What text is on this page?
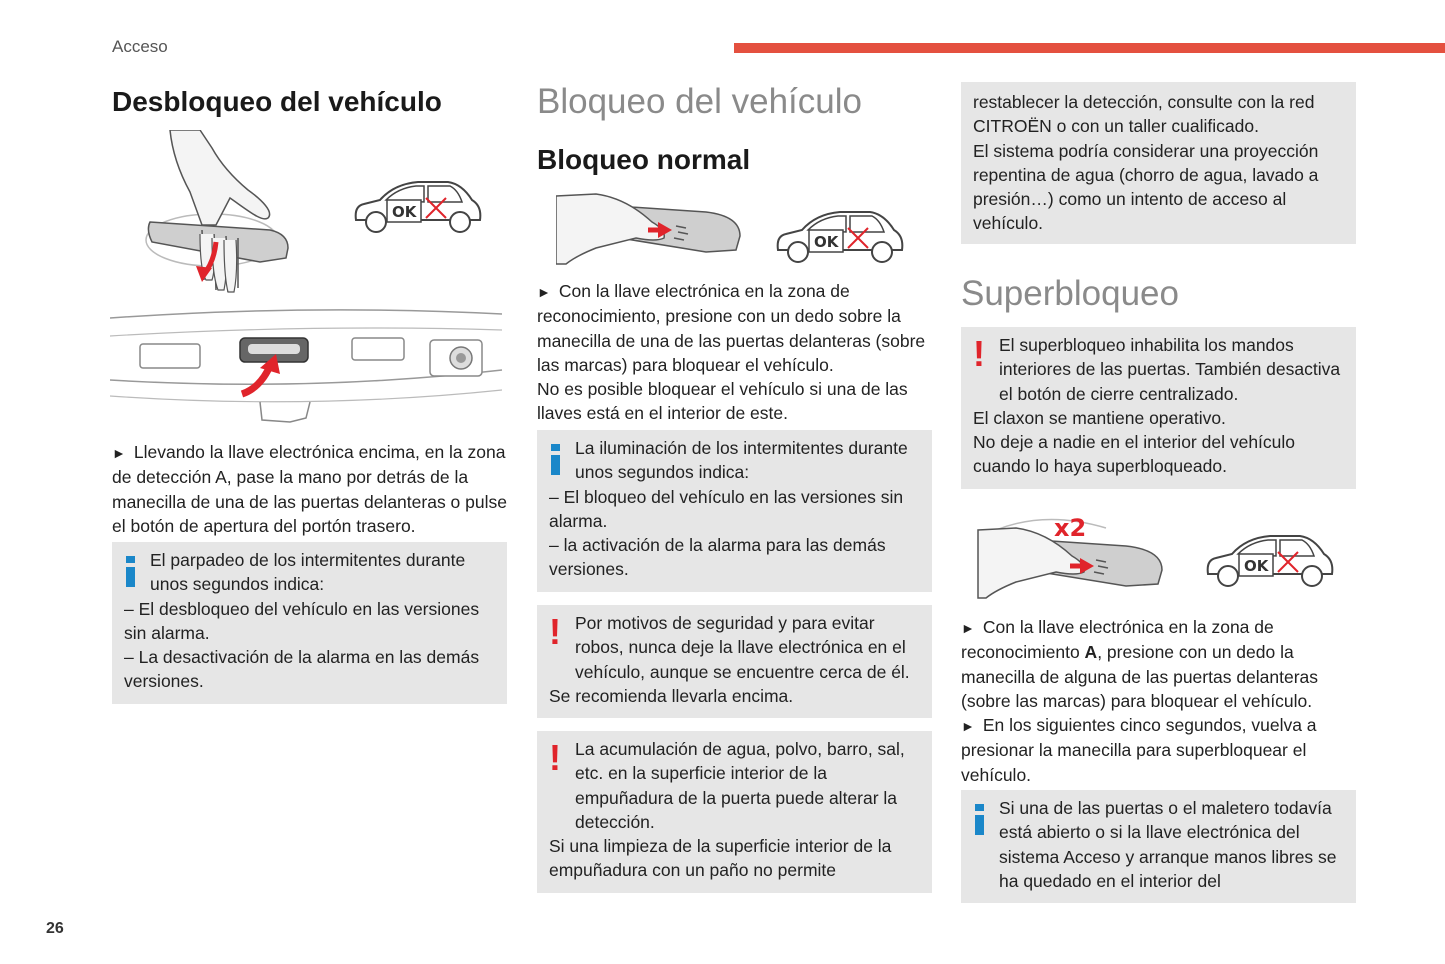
Acceso
26
Desbloqueo del vehículo
OK
► Llevando la llave electrónica encima, en la zona de detección A, pase la mano por detrás de la manecilla de una de las puertas delanteras o pulse el botón de apertura del portón trasero.
El parpadeo de los intermitentes durante unos segundos indica:

– El desbloqueo del vehículo en las versiones sin alarma.

– La desactivación de la alarma en las demás versiones.

Bloqueo del vehículo
Bloqueo normal
OK
► Con la llave electrónica en la zona de reconocimiento, presione con un dedo sobre la manecilla de una de las puertas delanteras (sobre las marcas) para bloquear el vehículo.
No es posible bloquear el vehículo si una de las llaves está en el interior de este.
La iluminación de los intermitentes durante unos segundos indica:

– El bloqueo del vehículo en las versiones sin alarma.

– la activación de la alarma para las demás versiones.

! Por motivos de seguridad y para evitar robos, nunca deje la llave electrónica en el vehículo, aunque se encuentre cerca de él.

Se recomienda llevarla encima.

! La acumulación de agua, polvo, barro, sal, etc. en la superficie interior de la empuñadura de la puerta puede alterar la detección.

Si una limpieza de la superficie interior de la empuñadura con un paño no permite

restablecer la detección, consulte con la red CITROËN o con un taller cualificado.

El sistema podría considerar una proyección repentina de agua (chorro de agua, lavado a presión…) como un intento de acceso al vehículo.

Superbloqueo
! El superbloqueo inhabilita los mandos interiores de las puertas. También desactiva el botón de cierre centralizado.

El claxon se mantiene operativo.

No deje a nadie en el interior del vehículo cuando lo haya superbloqueado.

x2
OK
► Con la llave electrónica en la zona de reconocimiento A, presione con un dedo la manecilla de alguna de las puertas delanteras (sobre las marcas) para bloquear el vehículo.
► En los siguientes cinco segundos, vuelva a presionar la manecilla para superbloquear el vehículo.
Si una de las puertas o el maletero todavía está abierto o si la llave electrónica del sistema Acceso y arranque manos libres se ha quedado en el interior del
